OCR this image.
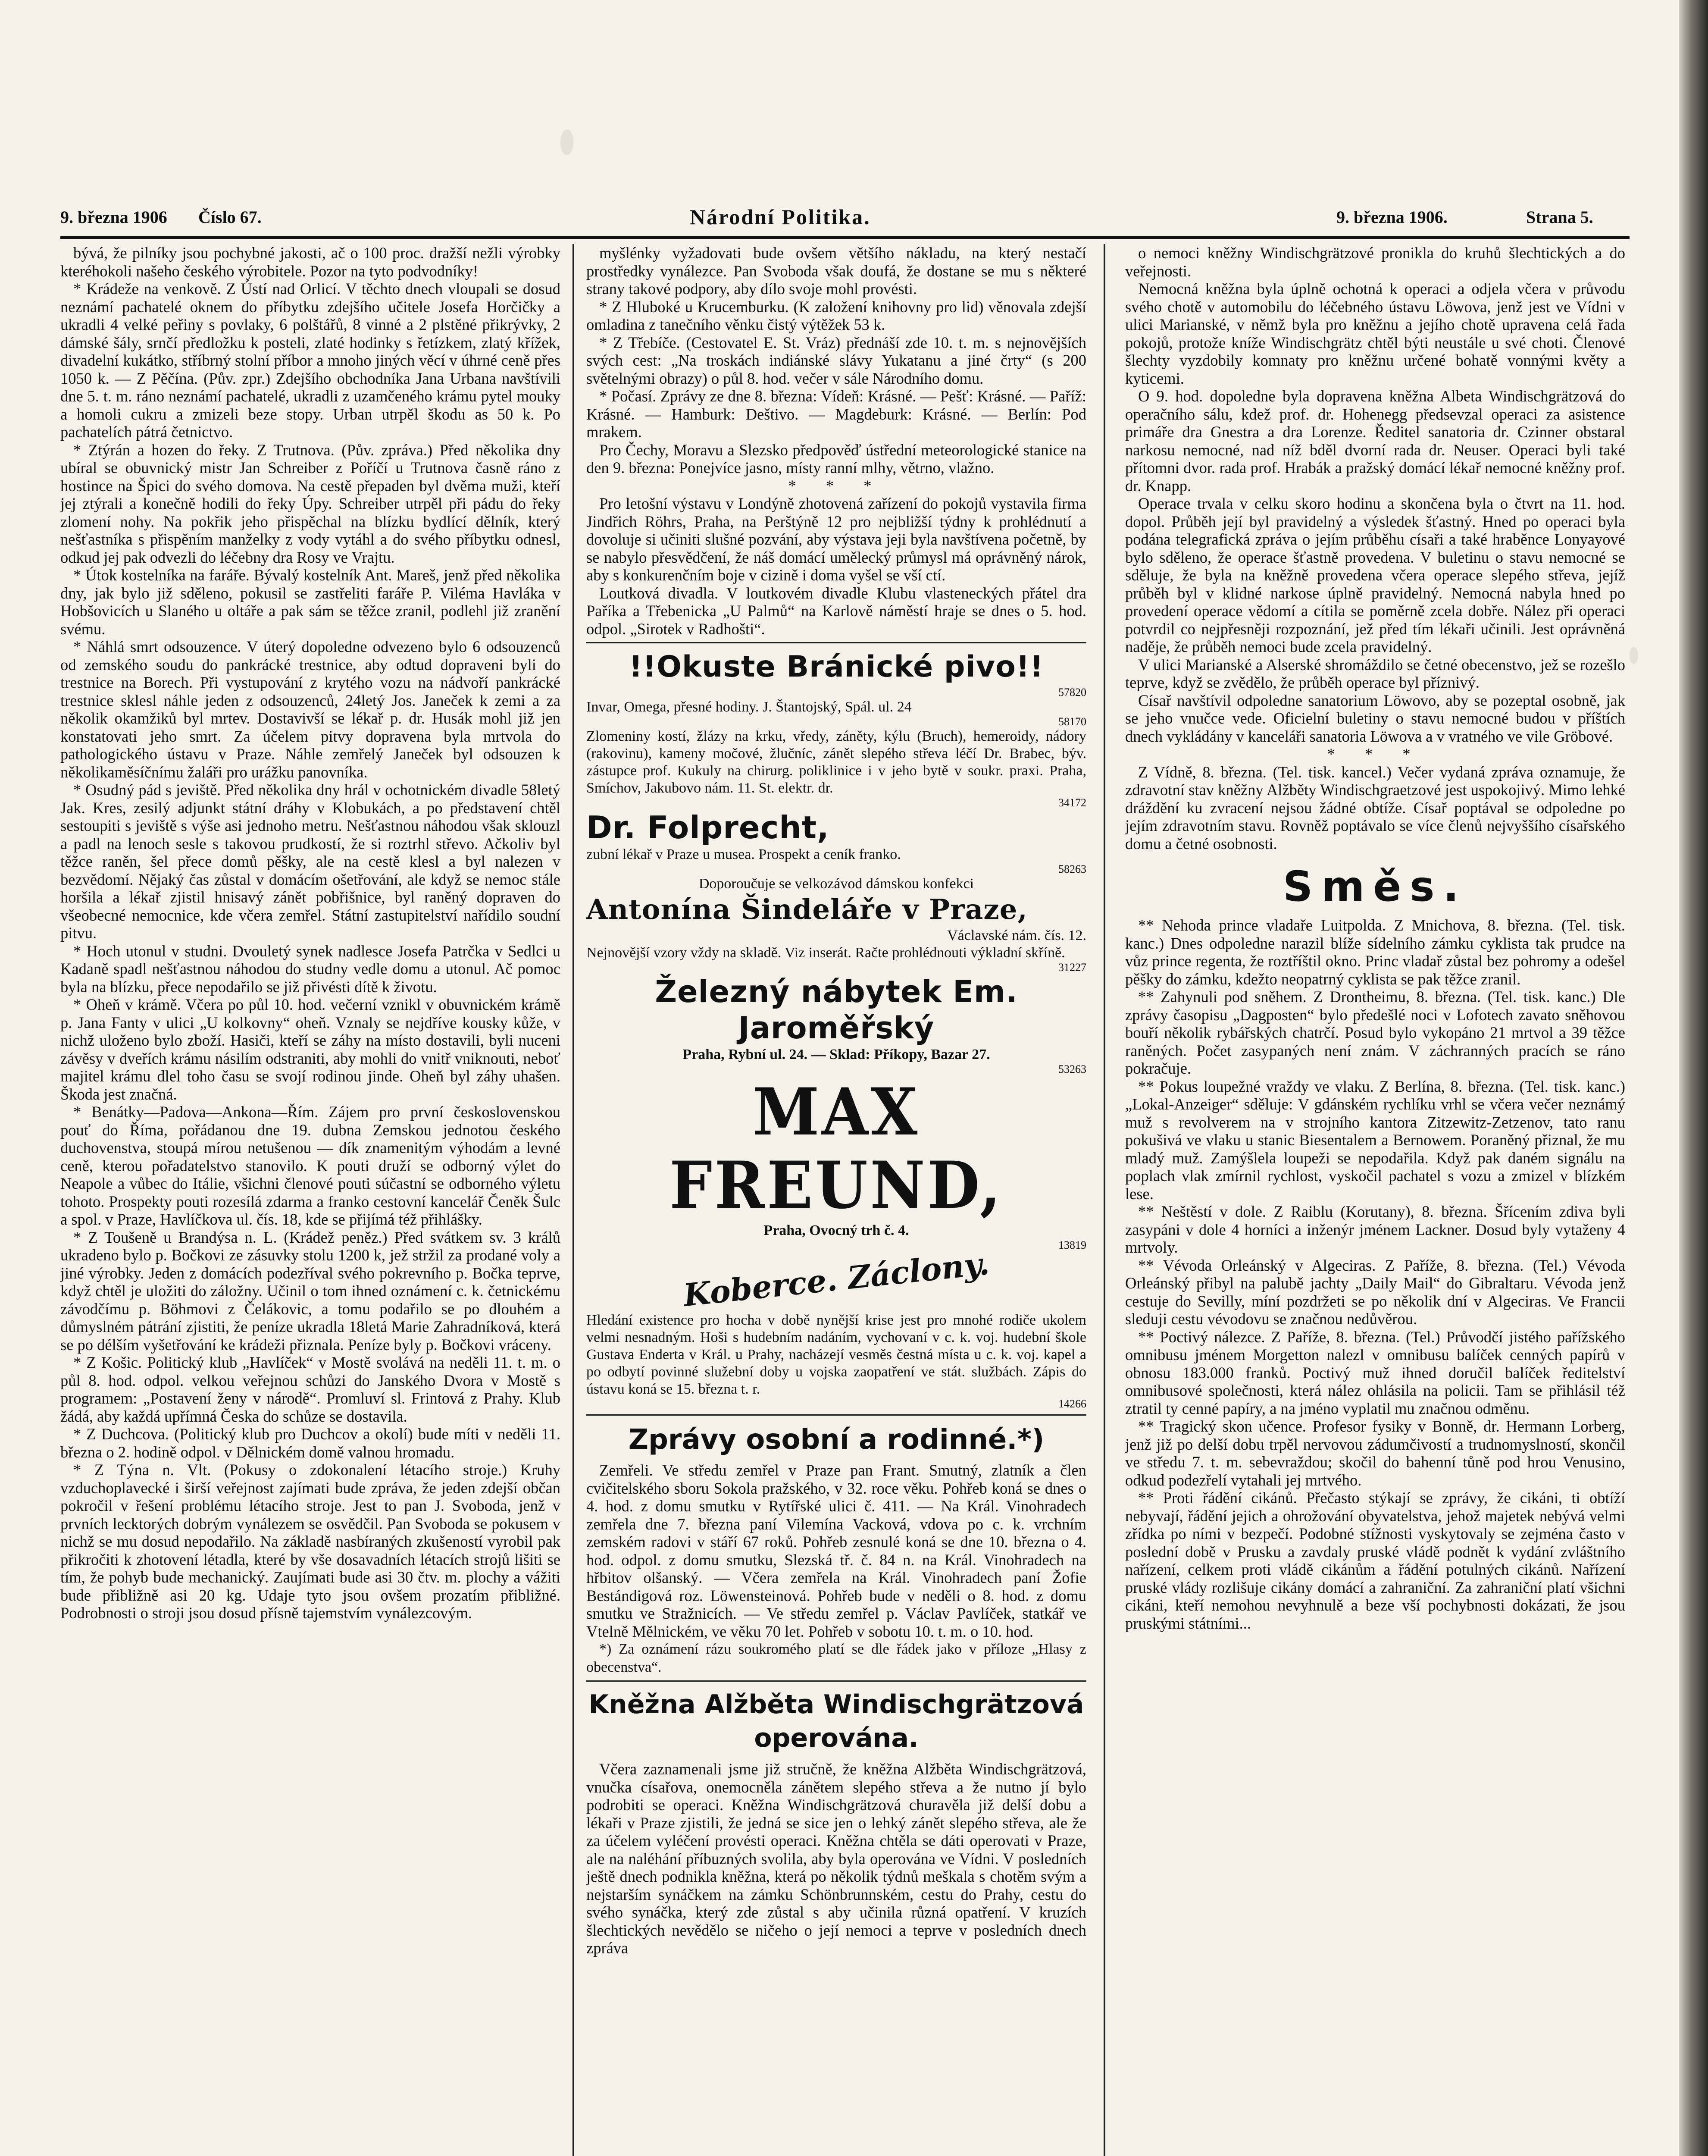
9. března 1906 Číslo 67.	Národní Politika.	9. března 1906.	Strana 5.

bývá, že pilníky jsou pochybné jakosti, ač o 100 proc. dražší nežli výrobky kteréhokoli našeho českého výrobitele. Pozor na tyto podvodníky!

* Krádeže na venkově. Z Ústí nad Orlicí. V těchto dnech vloupali se dosud neznámí pachatelé oknem do příbytku zdejšího učitele Josefa Horčičky a ukradli 4 velké peřiny s povlaky, 6 polštářů, 8 vinné a 2 plstěné přikrývky, 2 dámské šály, srnčí předložku k posteli, zlaté hodinky s řetízkem, zlatý křížek, divadelní kukátko, stříbrný stolní příbor a mnoho jiných věcí v úhrné ceně přes 1050 k. — Z Pěčína. (Pův. zpr.) Zdejšího obchodníka Jana Urbana navštívili dne 5. t. m. ráno neznámí pachatelé, ukradli z uzamčeného krámu pytel mouky a homoli cukru a zmizeli beze stopy. Urban utrpěl škodu as 50 k. Po pachatelích pátrá četnictvo.

* Ztýrán a hozen do řeky. Z Trutnova. (Pův. zpráva.) Před několika dny ubíral se obuvnický mistr Jan Schreiber z Poříčí u Trutnova časně ráno z hostince na Špici do svého domova. Na cestě přepaden byl dvěma muži, kteří jej ztýrali a konečně hodili do řeky Úpy. Schreiber utrpěl při pádu do řeky zlomení nohy. Na pokřik jeho přispěchal na blízku bydlící dělník, který nešťastníka s přispěním manželky z vody vytáhl a do svého příbytku odnesl, odkud jej pak odvezli do léčebny dra Rosy ve Vrajtu.

* Útok kostelníka na faráře. Bývalý kostelník Ant. Mareš, jenž před několika dny, jak bylo již sděleno, pokusil se zastřeliti faráře P. Viléma Havláka v Hobšovicích u Slaného u oltáře a pak sám se těžce zranil, podlehl již zranění svému.

* Náhlá smrt odsouzence. V úterý dopoledne odvezeno bylo 6 odsouzenců od zemského soudu do pankrácké trestnice, aby odtud dopraveni byli do trestnice na Borech. Při vystupování z krytého vozu na nádvoří pankrácké trestnice sklesl náhle jeden z odsouzenců, 24letý Jos. Janeček k zemi a za několik okamžiků byl mrtev. Dostavivší se lékař p. dr. Husák mohl již jen konstatovati jeho smrt. Za účelem pitvy dopravena byla mrtvola do pathologického ústavu v Praze. Náhle zemřelý Janeček byl odsouzen k několikaměsíčnímu žaláři pro urážku panovníka.

* Osudný pád s jeviště. Před několika dny hrál v ochotnickém divadle 58letý Jak. Kres, zesilý adjunkt státní dráhy v Klobukách, a po představení chtěl sestoupiti s jeviště s výše asi jednoho metru. Nešťastnou náhodou však sklouzl a padl na lenoch sesle s takovou prudkostí, že si roztrhl střevo. Ačkoliv byl těžce raněn, šel přece domů pěšky, ale na cestě klesl a byl nalezen v bezvědomí. Nějaký čas zůstal v domácím ošetřování, ale když se nemoc stále horšila a lékař zjistil hnisavý zánět pobřišnice, byl raněný dopraven do všeobecné nemocnice, kde včera zemřel. Státní zastupitelství nařídilo soudní pitvu.

* Hoch utonul v studni. Dvouletý synek nadlesce Josefa Patrčka v Sedlci u Kadaně spadl nešťastnou náhodou do studny vedle domu a utonul. Ač pomoc byla na blízku, přece nepodařilo se již přivésti dítě k životu.

* Oheň v krámě. Včera po půl 10. hod. večerní vznikl v obuvnickém krámě p. Jana Fanty v ulici „U kolkovny“ oheň. Vznaly se nejdříve kousky kůže, v nichž uloženo bylo zboží. Hasiči, kteří se záhy na místo dostavili, byli nuceni závěsy v dveřích krámu násilím odstraniti, aby mohli do vnitř vniknouti, neboť majitel krámu dlel toho času se svojí rodinou jinde. Oheň byl záhy uhašen. Škoda jest značná.

* Benátky—Padova—Ankona—Řím. Zájem pro první československou pouť do Říma, pořádanou dne 19. dubna Zemskou jednotou českého duchovenstva, stoupá mírou netušenou — dík znamenitým výhodám a levné ceně, kterou pořadatelstvo stanovilo. K pouti druží se odborný výlet do Neapole a vůbec do Itálie, všichni členové pouti súčastní se odborného výletu tohoto. Prospekty pouti rozesílá zdarma a franko cestovní kancelář Čeněk Šulc a spol. v Praze, Havlíčkova ul. čís. 18, kde se přijímá též přihlášky.

* Z Toušeně u Brandýsa n. L. (Krádež peněz.) Před svátkem sv. 3 králů ukradeno bylo p. Bočkovi ze zásuvky stolu 1200 k, jež stržil za prodané voly a jiné výrobky. Jeden z domácích podezříval svého pokrevního p. Bočka teprve, když chtěl je uložiti do záložny. Učinil o tom ihned oznámení c. k. četnickému závodčímu p. Böhmovi z Čelákovic, a tomu podařilo se po dlouhém a důmyslném pátrání zjistiti, že peníze ukradla 18letá Marie Zahradníková, která se po délším vyšetřování ke krádeži přiznala. Peníze byly p. Bočkovi vráceny.

* Z Košic. Politický klub „Havlíček“ v Mostě svolává na neděli 11. t. m. o půl 8. hod. odpol. velkou veřejnou schůzi do Janského Dvora v Mostě s programem: „Postavení ženy v národě“. Promluví sl. Frintová z Prahy. Klub žádá, aby každá upřímná Česka do schůze se dostavila.

* Z Duchcova. (Politický klub pro Duchcov a okolí) bude míti v neděli 11. března o 2. hodině odpol. v Dělnickém domě valnou hromadu.

* Z Týna n. Vlt. (Pokusy o zdokonalení létacího stroje.) Kruhy vzduchoplavecké i širší veřejnost zajímati bude zpráva, že jeden zdejší občan pokročil v řešení problému létacího stroje. Jest to pan J. Svoboda, jenž v prvních lecktorých dobrým vynálezem se osvědčil. Pan Svoboda se pokusem v nichž se mu dosud nepodařilo. Na základě nasbíraných zkušeností vyrobil pak přikročiti k zhotovení létadla, které by vše dosavadních létacích strojů lišiti se tím, že pohyb bude mechanický. Zaujímati bude asi 30 čtv. m. plochy a vážiti bude přibližně asi 20 kg. Udaje tyto jsou ovšem prozatím přibližné. Podrobnosti o stroji jsou dosud přísně tajemstvím vynálezcovým.

myšlénky vyžadovati bude ovšem většího nákladu, na který nestačí prostředky vynálezce. Pan Svoboda však doufá, že dostane se mu s některé strany takové podpory, aby dílo svoje mohl provésti.

* Z Hluboké u Krucemburku. (K založení knihovny pro lid) věnovala zdejší omladina z tanečního věnku čistý výtěžek 53 k.

* Z Třebíče. (Cestovatel E. St. Vráz) přednáší zde 10. t. m. s nejnovějších svých cest: „Na troskách indiánské slávy Yukatanu a jiné črty“ (s 200 světelnými obrazy) o půl 8. hod. večer v sále Národního domu.

* Počasí. Zprávy ze dne 8. března: Vídeň: Krásné. — Pešť: Krásné. — Paříž: Krásné. — Hamburk: Deštivo. — Magdeburk: Krásné. — Berlín: Pod mrakem.

Pro Čechy, Moravu a Slezsko předpověď ústřední meteorologické stanice na den 9. března: Ponejvíce jasno, místy ranní mlhy, větrno, vlažno.

* * *

Pro letošní výstavu v Londýně zhotovená zařízení do pokojů vystavila firma Jindřich Röhrs, Praha, na Perštýně 12 pro nejbližší týdny k prohlédnutí a dovoluje si učiniti slušné pozvání, aby výstava jeji byla navštívena početně, by se nabylo přesvědčení, že náš domácí umělecký průmysl má oprávněný nárok, aby s konkurenčním boje v cizině i doma vyšel se vší ctí.

Loutková divadla. V loutkovém divadle Klubu vlasteneckých přátel dra Paříka a Třebenicka „U Palmů“ na Karlově náměstí hraje se dnes o 5. hod. odpol. „Sirotek v Radhošti“.

!!Okuste Bránické pivo!!
57820

Invar, Omega, přesné hodiny. J. Štantojský, Spál. ul. 24

58170

Zlomeniny kostí, žlázy na krku, vředy, záněty, kýlu (Bruch), hemeroidy, nádory (rakovinu), kameny močové, žlučníc, zánět slepého střeva léčí Dr. Brabec, býv. zástupce prof. Kukuly na chirurg. poliklinice i v jeho bytě v soukr. praxi. Praha, Smíchov, Jakubovo nám. 11. St. elektr. dr.

34172
Dr. Folprecht,

zubní lékař v Praze u musea. Prospekt a ceník franko.

58263

Doporoučuje se velkozávod dámskou konfekci

Antonína Šindeláře v Praze,

Václavské nám. čís. 12.

Nejnovější vzory vždy na skladě. Viz inserát. Račte prohlédnouti výkladní skříně.

31227
Železný nábytek Em. Jaroměřský

Praha, Rybní ul. 24. — Sklad: Příkopy, Bazar 27.

53263
MAX FREUND,

Praha, Ovocný trh č. 4.

13819
Koberce. Záclony.

Hledání existence pro hocha v době nynější krise jest pro mnohé rodiče ukolem velmi nesnadným. Hoši s hudebním nadáním, vychovaní v c. k. voj. hudební škole Gustava Enderta v Král. u Prahy, nacházejí vesměs čestná místa u c. k. voj. kapel a po odbytí povinné služební doby u vojska zaopatření ve stát. službách. Zápis do ústavu koná se 15. března t. r.

14266
Zprávy osobní a rodinné.*)

Zemřeli. Ve středu zemřel v Praze pan Frant. Smutný, zlatník a člen cvičitelského sboru Sokola pražského, v 32. roce věku. Pohřeb koná se dnes o 4. hod. z domu smutku v Rytířské ulici č. 411. — Na Král. Vinohradech zemřela dne 7. března paní Vilemína Vacková, vdova po c. k. vrchním zemském radovi v stáří 67 roků. Pohřeb zesnulé koná se dne 10. března o 4. hod. odpol. z domu smutku, Slezská tř. č. 84 n. na Král. Vinohradech na hřbitov olšanský. — Včera zemřela na Král. Vinohradech paní Žofie Bestándigová roz. Löwensteinová. Pohřeb bude v neděli o 8. hod. z domu smutku ve Stražnicích. — Ve středu zemřel p. Václav Pavlíček, statkář ve Vtelně Mělnickém, ve věku 70 let. Pohřeb v sobotu 10. t. m. o 10. hod.

*) Za oznámení rázu soukromého platí se dle řádek jako v příloze „Hlasy z obecenstva“.

Kněžna Alžběta Windischgrätzová operována.

Včera zaznamenali jsme již stručně, že kněžna Alžběta Windischgrätzová, vnučka císařova, onemocněla zánětem slepého střeva a že nutno jí bylo podrobiti se operaci. Kněžna Windischgrätzová churavěla již delší dobu a lékaři v Praze zjistili, že jedná se sice jen o lehký zánět slepého střeva, ale že za účelem vyléčení provésti operaci. Kněžna chtěla se dáti operovati v Praze, ale na naléhání příbuzných svolila, aby byla operována ve Vídni. V posledních ještě dnech podnikla kněžna, která po několik týdnů meškala s chotěm svým a nejstarším synáčkem na zámku Schönbrunnském, cestu do Prahy, cestu do svého synáčka, který zde zůstal s aby učinila různá opatření. V kruzích šlechtických nevědělo se ničeho o její nemoci a teprve v posledních dnech zpráva

o nemoci kněžny Windischgrätzové pronikla do kruhů šlechtických a do veřejnosti.

Nemocná kněžna byla úplně ochotná k operaci a odjela včera v průvodu svého chotě v automobilu do léčebného ústavu Löwova, jenž jest ve Vídni v ulici Marianské, v němž byla pro kněžnu a jejího chotě upravena celá řada pokojů, protože kníže Windischgrätz chtěl býti neustále u své choti. Členové šlechty vyzdobily komnaty pro kněžnu určené bohatě vonnými květy a kyticemi.

O 9. hod. dopoledne byla dopravena kněžna Albeta Windischgrätzová do operačního sálu, kdež prof. dr. Hohenegg předsevzal operaci za asistence primáře dra Gnestra a dra Lorenze. Ředitel sanatoria dr. Czinner obstaral narkosu nemocné, nad níž bděl dvorní rada dr. Neuser. Operaci byli také přítomni dvor. rada prof. Hrabák a pražský domácí lékař nemocné kněžny prof. dr. Knapp.

Operace trvala v celku skoro hodinu a skončena byla o čtvrt na 11. hod. dopol. Průběh její byl pravidelný a výsledek šťastný. Hned po operaci byla podána telegrafická zpráva o jejím průběhu císaři a také hraběnce Lonyayové bylo sděleno, že operace šťastně provedena. V buletinu o stavu nemocné se sděluje, že byla na kněžně provedena včera operace slepého střeva, jejíž průběh byl v klidné narkose úplně pravidelný. Nemocná nabyla hned po provedení operace vědomí a cítila se poměrně zcela dobře. Nález při operaci potvrdil co nejpřesněji rozpoznání, jež před tím lékaři učinili. Jest oprávněná naděje, že průběh nemoci bude zcela pravidelný.

V ulici Marianské a Alserské shromáždilo se četné obecenstvo, jež se rozešlo teprve, když se zvědělo, že průběh operace byl příznivý.

Císař navštívil odpoledne sanatorium Löwovo, aby se pozeptal osobně, jak se jeho vnučce vede. Oficielní buletiny o stavu nemocné budou v příštích dnech vykládány v kanceláři sanatoria Löwova a v vratného ve vile Gröbové.

* * *

Z Vídně, 8. března. (Tel. tisk. kancel.) Večer vydaná zpráva oznamuje, že zdravotní stav kněžny Alžběty Windischgraetzové jest uspokojivý. Mimo lehké dráždění ku zvracení nejsou žádné obtíže. Císař poptával se odpoledne po jejím zdravotním stavu. Rovněž poptávalo se více členů nejvyššího císařského domu a četné osobnosti.

Směs.

** Nehoda prince vladaře Luitpolda. Z Mnichova, 8. března. (Tel. tisk. kanc.) Dnes odpoledne narazil blíže sídelního zámku cyklista tak prudce na vůz prince regenta, že roztříštil okno. Princ vladař zůstal bez pohromy a odešel pěšky do zámku, kdežto neopatrný cyklista se pak těžce zranil.

** Zahynuli pod sněhem. Z Drontheimu, 8. března. (Tel. tisk. kanc.) Dle zprávy časopisu „Dagposten“ bylo předešlé noci v Lofotech zavato sněhovou bouří několik rybářských chatrčí. Posud bylo vykopáno 21 mrtvol a 39 těžce raněných. Počet zasypaných není znám. V záchranných pracích se ráno pokračuje.

** Pokus loupežné vraždy ve vlaku. Z Berlína, 8. března. (Tel. tisk. kanc.) „Lokal-Anzeiger“ sděluje: V gdánském rychlíku vrhl se včera večer neznámý muž s revolverem na v strojního kantora Zitzewitz-Zetzenov, tato ranu pokušivá ve vlaku u stanic Biesentalem a Bernowem. Poraněný přiznal, že mu mladý muž. Zamýšlela loupeži se nepodařila. Když pak daném signálu na poplach vlak zmírnil rychlost, vyskočil pachatel s vozu a zmizel v blízkém lese.

** Neštěstí v dole. Z Raiblu (Korutany), 8. března. Šřícením zdiva byli zasypáni v dole 4 horníci a inženýr jménem Lackner. Dosud byly vytaženy 4 mrtvoly.

** Vévoda Orleánský v Algeciras. Z Paříže, 8. března. (Tel.) Vévoda Orleánský přibyl na palubě jachty „Daily Mail“ do Gibraltaru. Vévoda jenž cestuje do Sevilly, míní pozdržeti se po několik dní v Algeciras. Ve Francii sleduji cestu vévodovu se značnou nedůvěrou.

** Poctivý nálezce. Z Paříže, 8. března. (Tel.) Průvodčí jistého pařížského omnibusu jménem Morgetton nalezl v omnibusu balíček cenných papírů v obnosu 183.000 franků. Poctivý muž ihned doručil balíček ředitelství omnibusové společnosti, která nález ohlásila na policii. Tam se přihlásil též ztratil ty cenné papíry, a na jméno vyplatil mu značnou odměnu.

** Tragický skon učence. Profesor fysiky v Bonně, dr. Hermann Lorberg, jenž již po delší dobu trpěl nervovou zádumčivostí a trudnomyslností, skončil ve středu 7. t. m. sebevraždou; skočil do bahenní tůně pod hrou Venusino, odkud podezřelí vytahali jej mrtvého.

** Proti řádění cikánů. Přečasto stýkají se zprávy, že cikáni, ti obtíží nebyvají, řádění jejich a ohrožování obyvatelstva, jehož majetek nebývá velmi zřídka po ními v bezpečí. Podobné stížnosti vyskytovaly se zejména často v poslední době v Prusku a zavdaly pruské vládě podnět k vydání zvláštního nařízení, celkem proti vládě cikánům a řádění potulných cikánů. Nařízení pruské vlády rozlišuje cikány domácí a zahraniční. Za zahraniční platí všichni cikáni, kteří nemohou nevyhnulě a beze vší pochybnosti dokázati, že jsou pruskými státními...
